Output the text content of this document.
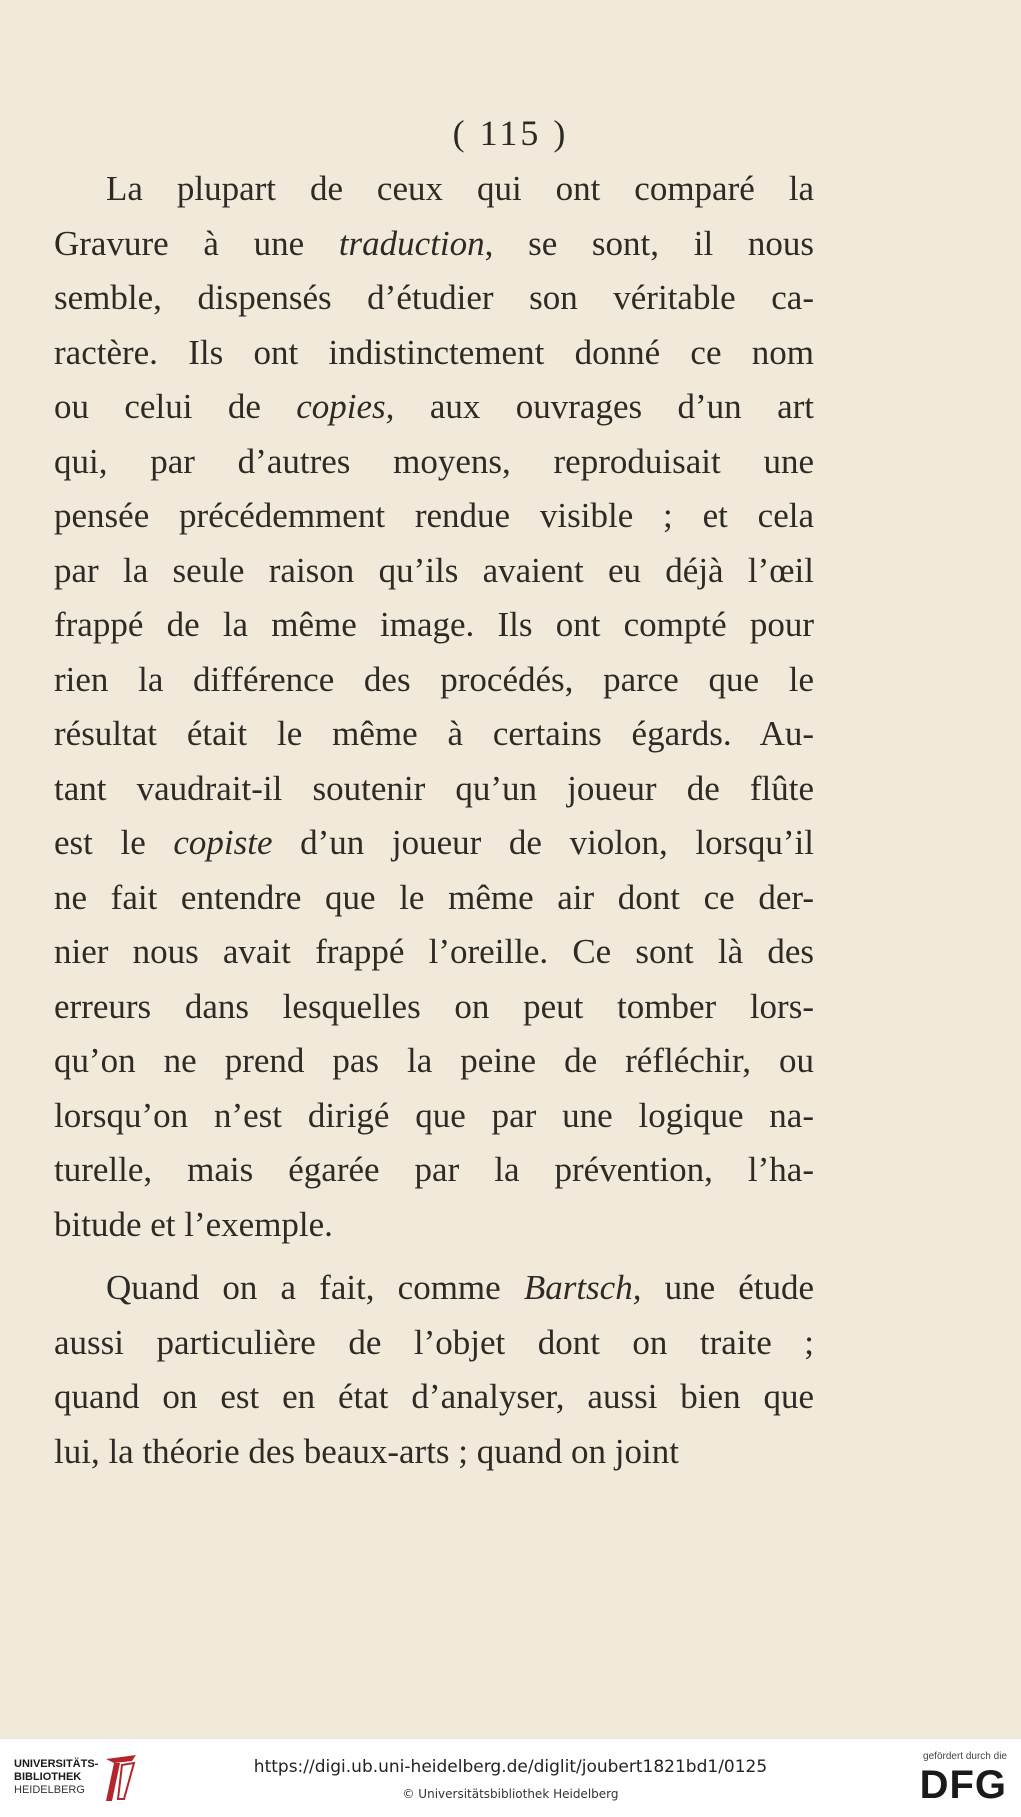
( 115 )
La plupart de ceux qui ont comparé la
Gravure à une traduction, se sont, il nous
semble, dispensés d’étudier son véritable ca-
ractère. Ils ont indistinctement donné ce nom
ou celui de copies, aux ouvrages d’un art
qui, par d’autres moyens, reproduisait une
pensée précédemment rendue visible ; et cela
par la seule raison qu’ils avaient eu déjà l’œil
frappé de la même image. Ils ont compté pour
rien la différence des procédés, parce que le
résultat était le même à certains égards. Au-
tant vaudrait-il soutenir qu’un joueur de flûte
est le copiste d’un joueur de violon, lorsqu’il
ne fait entendre que le même air dont ce der-
nier nous avait frappé l’oreille. Ce sont là des
erreurs dans lesquelles on peut tomber lors-
qu’on ne prend pas la peine de réfléchir, ou
lorsqu’on n’est dirigé que par une logique na-
turelle, mais égarée par la prévention, l’ha-
bitude et l’exemple.
Quand on a fait, comme Bartsch, une étude
aussi particulière de l’objet dont on traite ;
quand on est en état d’analyser, aussi bien que
lui, la théorie des beaux-arts ; quand on joint
UNIVERSITÄTS-
BIBLIOTHEK
HEIDELBERG
https://digi.ub.uni-heidelberg.de/diglit/joubert1821bd1/0125
© Universitätsbibliothek Heidelberg
gefördert durch die
DFG
